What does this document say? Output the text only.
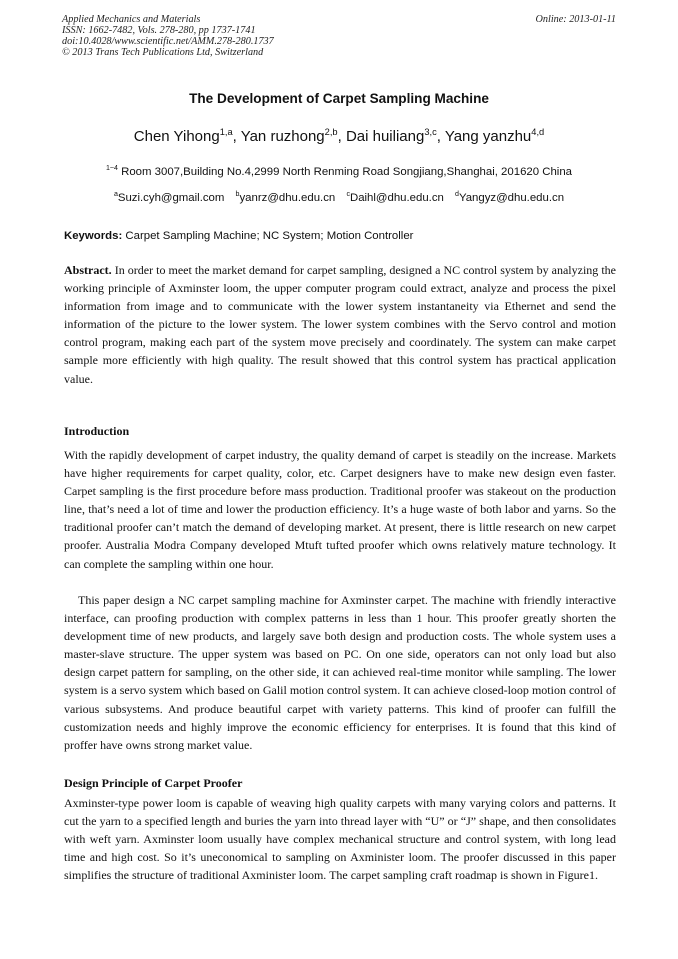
Applied Mechanics and Materials
ISSN: 1662-7482, Vols. 278-280, pp 1737-1741
doi:10.4028/www.scientific.net/AMM.278-280.1737
© 2013 Trans Tech Publications Ltd, Switzerland
Online: 2013-01-11
The Development of Carpet Sampling Machine
Chen Yihong$^{1,a}$, Yan ruzhong$^{2,b}$, Dai huiliang$^{3,c}$, Yang yanzhu$^{4,d}$
$^{1\sim 4}$ Room 3007,Building No.4,2999 North Renming Road Songjiang,Shanghai, 201620 China
$^a$Suzi.cyh@gmail.com $^b$yanrz@dhu.edu.cn $^c$Daihl@dhu.edu.cn $^d$Yangyz@dhu.edu.cn
Keywords: Carpet Sampling Machine; NC System; Motion Controller
Abstract. In order to meet the market demand for carpet sampling, designed a NC control system by analyzing the working principle of Axminster loom, the upper computer program could extract, analyze and process the pixel information from image and to communicate with the lower system instantaneity via Ethernet and send the information of the picture to the lower system. The lower system combines with the Servo control and motion control program, making each part of the system move precisely and coordinately. The system can make carpet sample more efficiently with high quality. The result showed that this control system has practical application value.
Introduction
With the rapidly development of carpet industry, the quality demand of carpet is steadily on the increase. Markets have higher requirements for carpet quality, color, etc. Carpet designers have to make new design even faster. Carpet sampling is the first procedure before mass production. Traditional proofer was stakeout on the production line, that’s need a lot of time and lower the production efficiency. It’s a huge waste of both labor and yarns. So the traditional proofer can’t match the demand of developing market. At present, there is little research on new carpet proofer. Australia Modra Company developed Mtuft tufted proofer which owns relatively mature technology. It can complete the sampling within one hour.
This paper design a NC carpet sampling machine for Axminster carpet. The machine with friendly interactive interface, can proofing production with complex patterns in less than 1 hour. This proofer greatly shorten the development time of new products, and largely save both design and production costs. The whole system uses a master-slave structure. The upper system was based on PC. On one side, operators can not only load but also design carpet pattern for sampling, on the other side, it can achieved real-time monitor while sampling. The lower system is a servo system which based on Galil motion control system. It can achieve closed-loop motion control of various subsystems. And produce beautiful carpet with variety patterns. This kind of proofer can fulfill the customization needs and highly improve the economic efficiency for enterprises. It is found that this kind of proffer have owns strong market value.
Design Principle of Carpet Proofer
Axminster-type power loom is capable of weaving high quality carpets with many varying colors and patterns. It cut the yarn to a specified length and buries the yarn into thread layer with “U” or “J” shape, and then consolidates with weft yarn. Axminster loom usually have complex mechanical structure and control system, with long lead time and high cost. So it’s uneconomical to sampling on Axminister loom. The proofer discussed in this paper simplifies the structure of traditional Axminister loom. The carpet sampling craft roadmap is shown in Figure1.
